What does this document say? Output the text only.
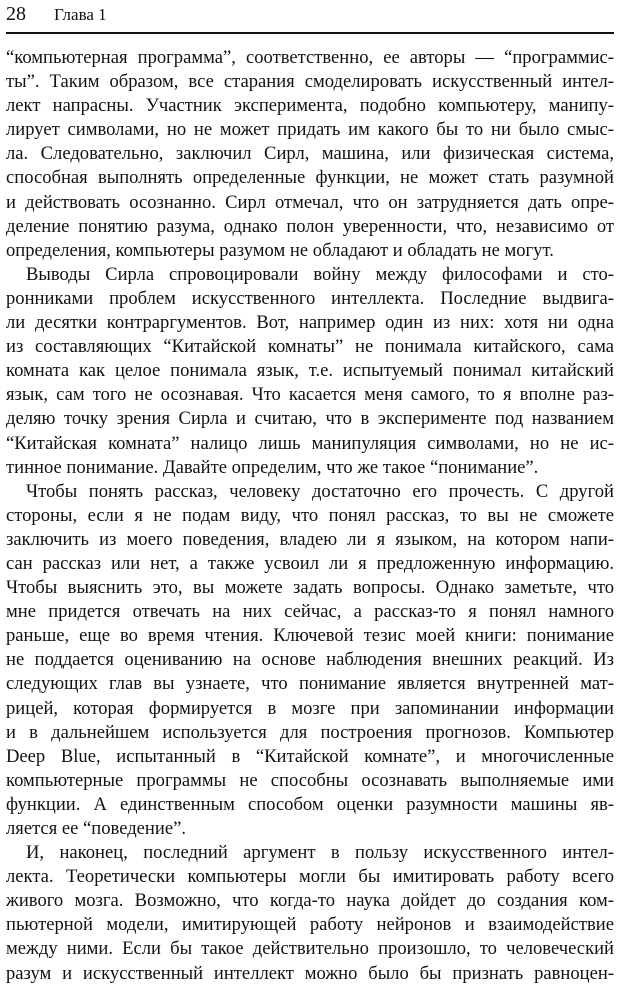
28 Глава 1
“компьютерная программа”, соответственно, ее авторы — “программис-
ты”. Таким образом, все старания смоделировать искусственный интел-
лект напрасны. Участник эксперимента, подобно компьютеру, манипу-
лирует символами, но не может придать им какого бы то ни было смыс-
ла. Следовательно, заключил Сирл, машина, или физическая система,
способная выполнять определенные функции, не может стать разумной
и действовать осознанно. Сирл отмечал, что он затрудняется дать опре-
деление понятию разума, однако полон уверенности, что, независимо от
определения, компьютеры разумом не обладают и обладать не могут.
Выводы Сирла спровоцировали войну между философами и сто-
ронниками проблем искусственного интеллекта. Последние выдвига-
ли десятки контраргументов. Вот, например один из них: хотя ни одна
из составляющих “Китайской комнаты” не понимала китайского, сама
комната как целое понимала язык, т.е. испытуемый понимал китайский
язык, сам того не осознавая. Что касается меня самого, то я вполне раз-
деляю точку зрения Сирла и считаю, что в эксперименте под названием
“Китайская комната” налицо лишь манипуляция символами, но не ис-
тинное понимание. Давайте определим, что же такое “понимание”.
Чтобы понять рассказ, человеку достаточно его прочесть. С другой
стороны, если я не подам виду, что понял рассказ, то вы не сможете
заключить из моего поведения, владею ли я языком, на котором напи-
сан рассказ или нет, а также усвоил ли я предложенную информацию.
Чтобы выяснить это, вы можете задать вопросы. Однако заметьте, что
мне придется отвечать на них сейчас, а рассказ-то я понял намного
раньше, еще во время чтения. Ключевой тезис моей книги: понимание
не поддается оцениванию на основе наблюдения внешних реакций. Из
следующих глав вы узнаете, что понимание является внутренней мат-
рицей, которая формируется в мозге при запоминании информации
и в дальнейшем используется для построения прогнозов. Компьютер
Deep Blue, испытанный в “Китайской комнате”, и многочисленные
компьютерные программы не способны осознавать выполняемые ими
функции. А единственным способом оценки разумности машины яв-
ляется ее “поведение”.
И, наконец, последний аргумент в пользу искусственного интел-
лекта. Теоретически компьютеры могли бы имитировать работу всего
живого мозга. Возможно, что когда-то наука дойдет до создания ком-
пьютерной модели, имитирующей работу нейронов и взаимодействие
между ними. Если бы такое действительно произошло, то человеческий
разум и искусственный интеллект можно было бы признать равноцен-
